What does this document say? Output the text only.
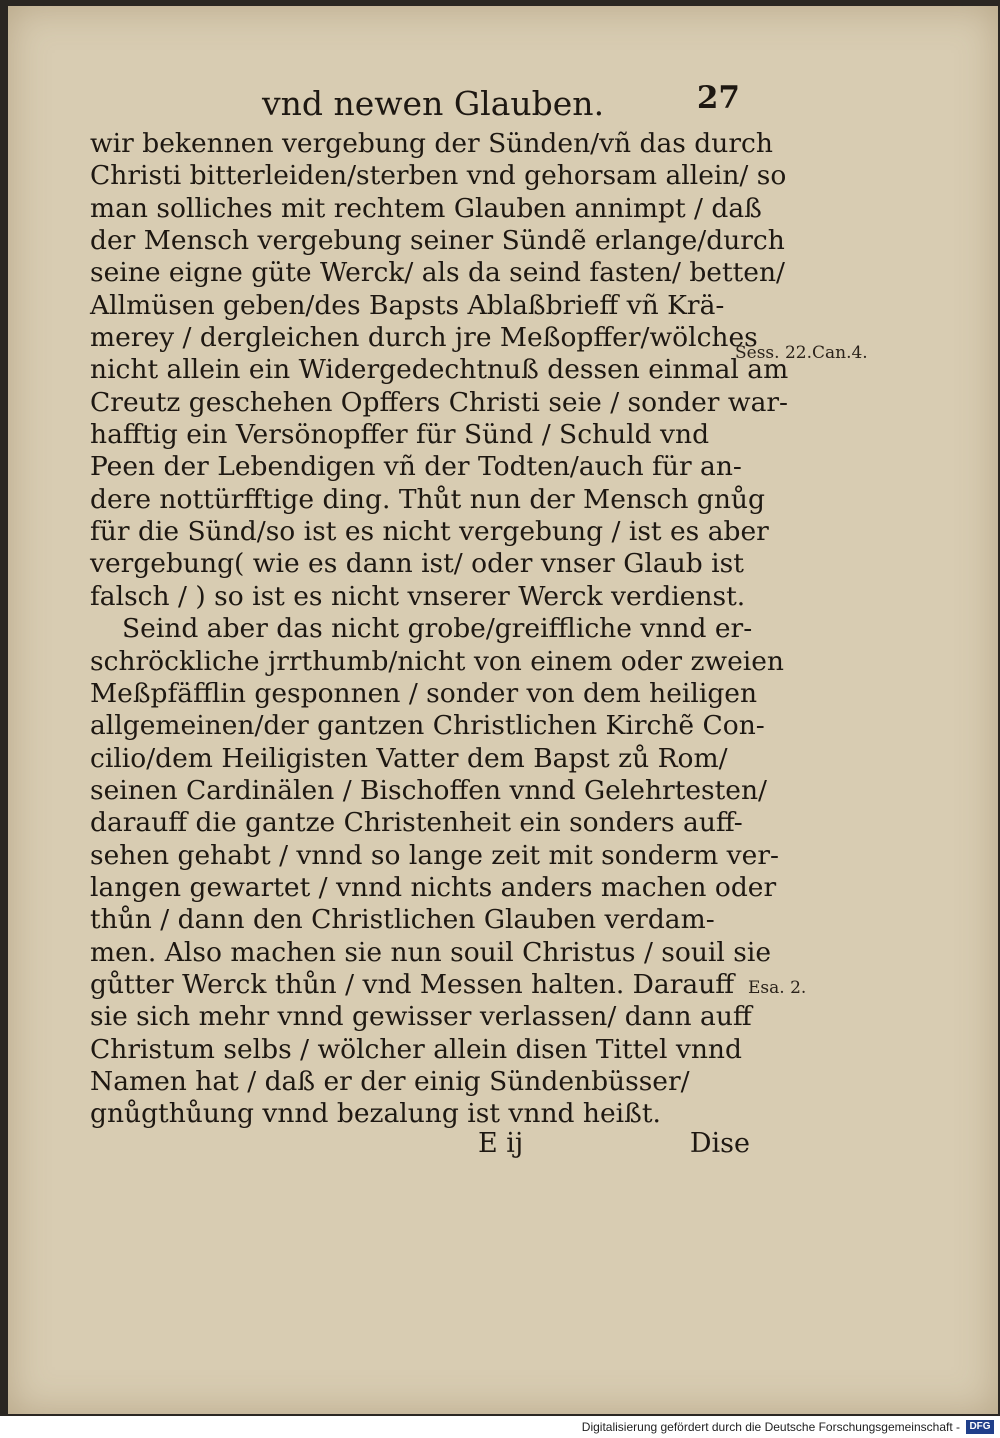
vnd newen Glauben.	27
wir bekennen vergebung der Sünden/vñ das durch
Christi bitterleiden/sterben vnd gehorsam allein/ so
man solliches mit rechtem Glauben annimpt / daß
der Mensch vergebung seiner Sündẽ erlange/durch
seine eigne güte Werck/ als da seind fasten/ betten/
Allmüsen geben/des Bapsts Ablaßbrieff vñ Krä-
merey / dergleichen durch jre Meßopffer/wölches
nicht allein ein Widergedechtnuß dessen einmal am
Creutz geschehen Opffers Christi seie / sonder war-
hafftig ein Versönopffer für Sünd / Schuld vnd
Peen der Lebendigen vñ der Todten/auch für an-
dere nottürfftige ding. Thůt nun der Mensch gnůg
für die Sünd/so ist es nicht vergebung / ist es aber
vergebung( wie es dann ist/ oder vnser Glaub ist
falsch / ) so ist es nicht vnserer Werck verdienst.
Seind aber das nicht grobe/greiffliche vnnd er-
schröckliche jrrthumb/nicht von einem oder zweien
Meßpfäfflin gesponnen / sonder von dem heiligen
allgemeinen/der gantzen Christlichen Kirchẽ Con-
cilio/dem Heiligisten Vatter dem Bapst zů Rom/
seinen Cardinälen / Bischoffen vnnd Gelehrtesten/
darauff die gantze Christenheit ein sonders auff-
sehen gehabt / vnnd so lange zeit mit sonderm ver-
langen gewartet / vnnd nichts anders machen oder
thůn / dann den Christlichen Glauben verdam-
men. Also machen sie nun souil Christus / souil sie
gůtter Werck thůn / vnd Messen halten. Darauff
sie sich mehr vnnd gewisser verlassen/ dann auff
Christum selbs / wölcher allein disen Tittel vnnd
Namen hat / daß er der einig Sündenbüsser/
gnůgthůung vnnd bezalung ist vnnd heißt.
Sess. 22.Can.4.
Esa. 2.
E ij	Dise
Digitalisierung gefördert durch die Deutsche Forschungsgemeinschaft - DFG
